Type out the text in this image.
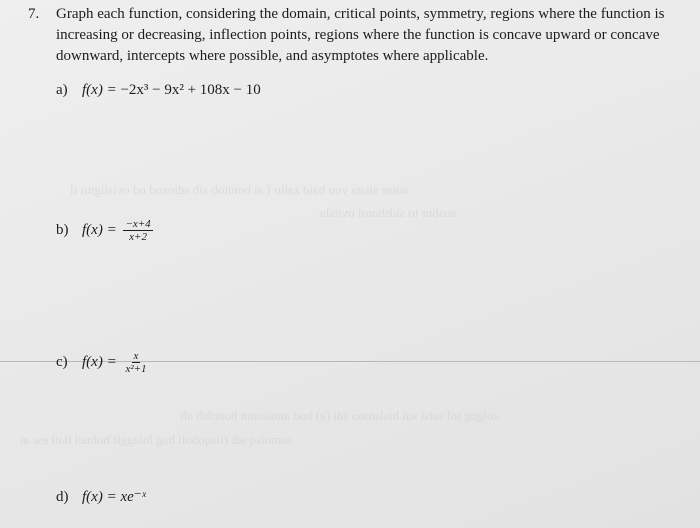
aoise sitats you baid zallo f ai bonitob sib sdiozod od ovisilgmi il
aosbur to sidsbarol oviisla
aolgug tol salsi sui bislsmoo sdi (a) hod anoitonut bonolsb alt
asmoisq sdi (lisqoboli bag lolaggit bohuel tlait ew at
7. Graph each function, considering the domain, critical points, symmetry, regions where the function is increasing or decreasing, inflection points, regions where the function is concave upward or concave downward, intercepts where possible, and asymptotes where applicable.
a) f(x) = −2x³ − 9x² + 108x − 10
b) $f(x) = \frac{-x+4}{x+2}$
c) $f(x) = \frac{x}{\text{x²+1}}$
d) f(x) = xe⁻ˣ
